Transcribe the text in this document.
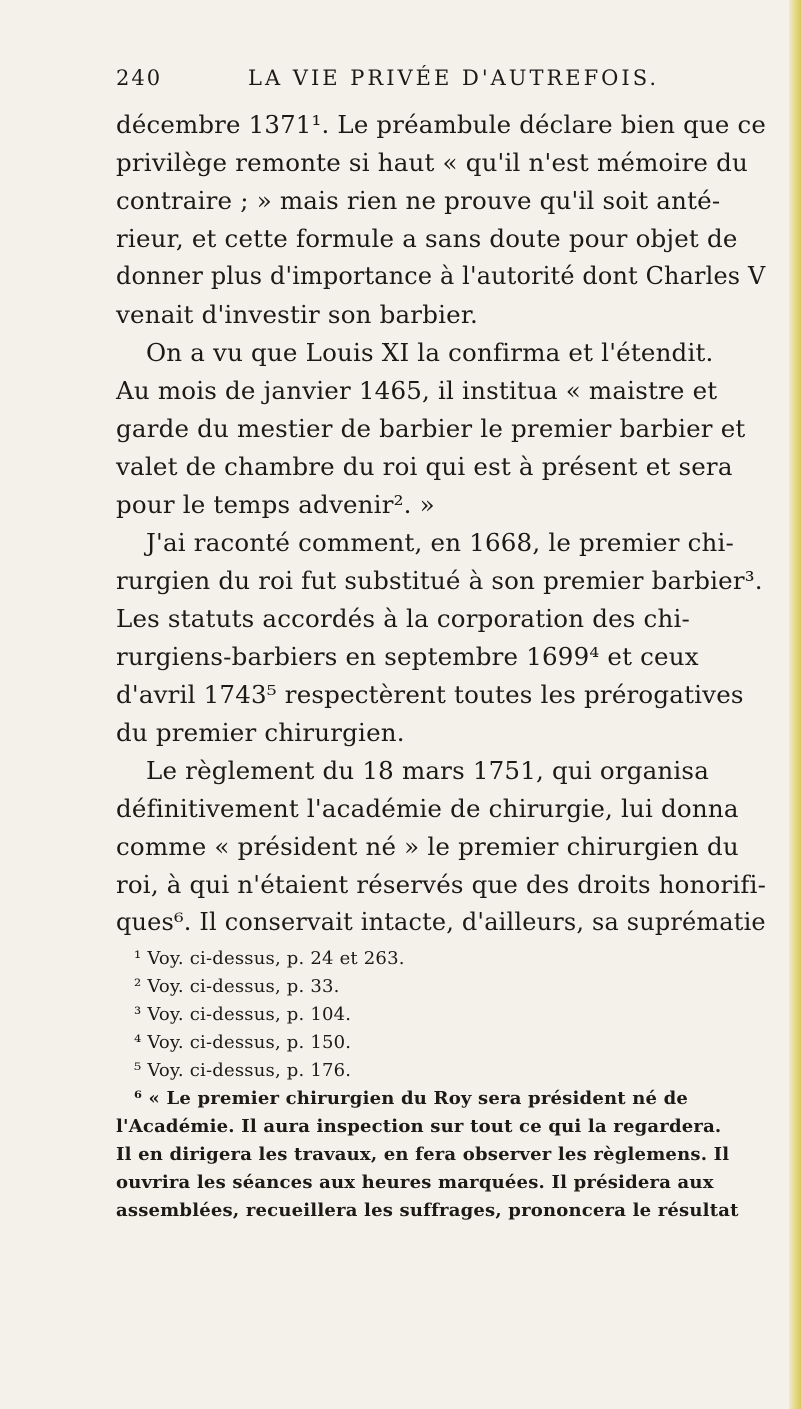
240	LA VIE PRIVÉE D'AUTREFOIS.
décembre 1371¹. Le préambule déclare bien que ce
privilège remonte si haut « qu'il n'est mémoire du
contraire ; » mais rien ne prouve qu'il soit anté-
rieur, et cette formule a sans doute pour objet de
donner plus d'importance à l'autorité dont Charles V
venait d'investir son barbier.
On a vu que Louis XI la confirma et l'étendit.
Au mois de janvier 1465, il institua « maistre et
garde du mestier de barbier le premier barbier et
valet de chambre du roi qui est à présent et sera
pour le temps advenir². »
J'ai raconté comment, en 1668, le premier chi-
rurgien du roi fut substitué à son premier barbier³.
Les statuts accordés à la corporation des chi-
rurgiens-barbiers en septembre 1699⁴ et ceux
d'avril 1743⁵ respectèrent toutes les prérogatives
du premier chirurgien.
Le règlement du 18 mars 1751, qui organisa
définitivement l'académie de chirurgie, lui donna
comme « président né » le premier chirurgien du
roi, à qui n'étaient réservés que des droits honorifi-
ques⁶. Il conservait intacte, d'ailleurs, sa suprématie
¹ Voy. ci-dessus, p. 24 et 263.
² Voy. ci-dessus, p. 33.
³ Voy. ci-dessus, p. 104.
⁴ Voy. ci-dessus, p. 150.
⁵ Voy. ci-dessus, p. 176.
⁶ « Le premier chirurgien du Roy sera président né de
l'Académie. Il aura inspection sur tout ce qui la regardera.
Il en dirigera les travaux, en fera observer les règlemens. Il
ouvrira les séances aux heures marquées. Il présidera aux
assemblées, recueillera les suffrages, prononcera le résultat
